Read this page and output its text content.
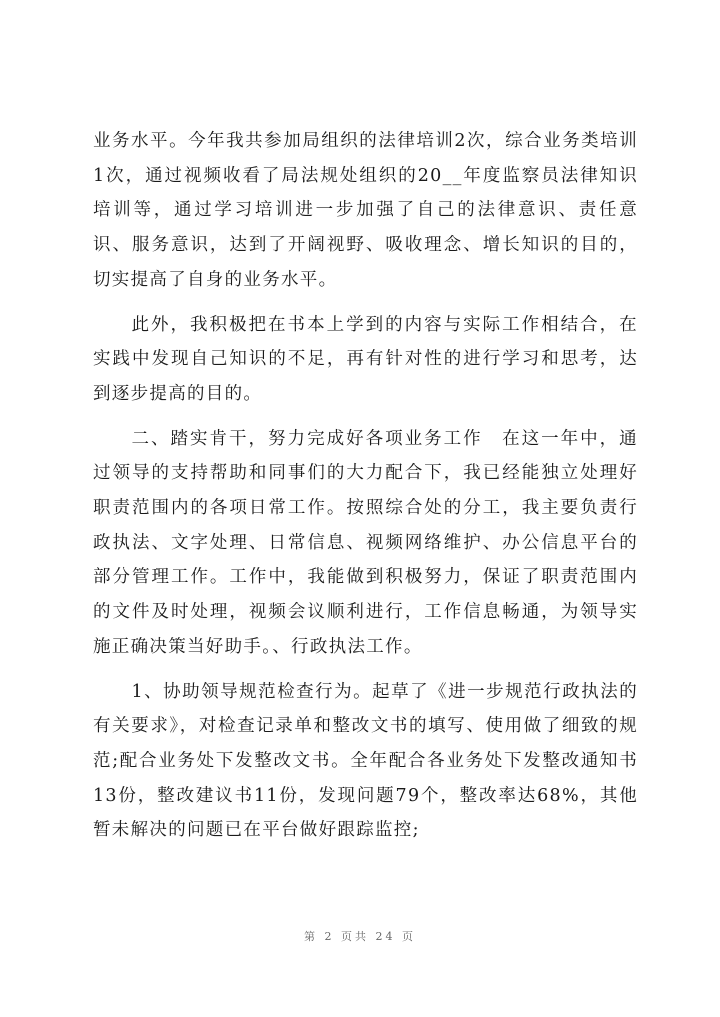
业务水平。今年我共参加局组织的法律培训2次，综合业务类培训1次，通过视频收看了局法规处组织的20__年度监察员法律知识培训等，通过学习培训进一步加强了自己的法律意识、责任意识、服务意识，达到了开阔视野、吸收理念、增长知识的目的，切实提高了自身的业务水平。

此外，我积极把在书本上学到的内容与实际工作相结合，在实践中发现自己知识的不足，再有针对性的进行学习和思考，达到逐步提高的目的。

二、踏实肯干，努力完成好各项业务工作　在这一年中，通过领导的支持帮助和同事们的大力配合下，我已经能独立处理好职责范围内的各项日常工作。按照综合处的分工，我主要负责行政执法、文字处理、日常信息、视频网络维护、办公信息平台的部分管理工作。工作中，我能做到积极努力，保证了职责范围内的文件及时处理，视频会议顺利进行，工作信息畅通，为领导实施正确决策当好助手。、行政执法工作。

1、协助领导规范检查行为。起草了《进一步规范行政执法的有关要求》，对检查记录单和整改文书的填写、使用做了细致的规范;配合业务处下发整改文书。全年配合各业务处下发整改通知书13份，整改建议书11份，发现问题79个，整改率达68%，其他暂未解决的问题已在平台做好跟踪监控;

第 2 页共 24 页
